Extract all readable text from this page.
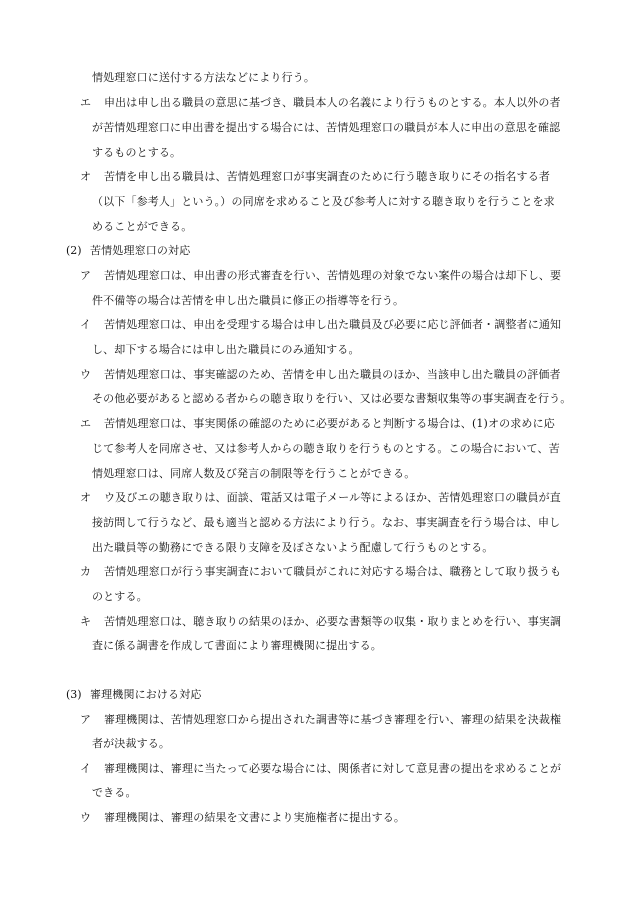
情処理窓口に送付する方法などにより行う。
エ 申出は申し出る職員の意思に基づき、職員本人の名義により行うものとする。本人以外の者
が苦情処理窓口に申出書を提出する場合には、苦情処理窓口の職員が本人に申出の意思を確認
するものとする。
オ 苦情を申し出る職員は、苦情処理窓口が事実調査のために行う聴き取りにその指名する者
（以下「参考人」という。）の同席を求めること及び参考人に対する聴き取りを行うことを求
めることができる。
(2) 苦情処理窓口の対応
ア 苦情処理窓口は、申出書の形式審査を行い、苦情処理の対象でない案件の場合は却下し、要
件不備等の場合は苦情を申し出た職員に修正の指導等を行う。
イ 苦情処理窓口は、申出を受理する場合は申し出た職員及び必要に応じ評価者・調整者に通知
し、却下する場合には申し出た職員にのみ通知する。
ウ 苦情処理窓口は、事実確認のため、苦情を申し出た職員のほか、当該申し出た職員の評価者
その他必要があると認める者からの聴き取りを行い、又は必要な書類収集等の事実調査を行う。
エ 苦情処理窓口は、事実関係の確認のために必要があると判断する場合は、(1)オの求めに応
じて参考人を同席させ、又は参考人からの聴き取りを行うものとする。この場合において、苦
情処理窓口は、同席人数及び発言の制限等を行うことができる。
オ ウ及びエの聴き取りは、面談、電話又は電子メール等によるほか、苦情処理窓口の職員が直
接訪問して行うなど、最も適当と認める方法により行う。なお、事実調査を行う場合は、申し
出た職員等の勤務にできる限り支障を及ぼさないよう配慮して行うものとする。
カ 苦情処理窓口が行う事実調査において職員がこれに対応する場合は、職務として取り扱うも
のとする。
キ 苦情処理窓口は、聴き取りの結果のほか、必要な書類等の収集・取りまとめを行い、事実調
査に係る調書を作成して書面により審理機関に提出する。
(3) 審理機関における対応
ア 審理機関は、苦情処理窓口から提出された調書等に基づき審理を行い、審理の結果を決裁権
者が決裁する。
イ 審理機関は、審理に当たって必要な場合には、関係者に対して意見書の提出を求めることが
できる。
ウ 審理機関は、審理の結果を文書により実施権者に提出する。
